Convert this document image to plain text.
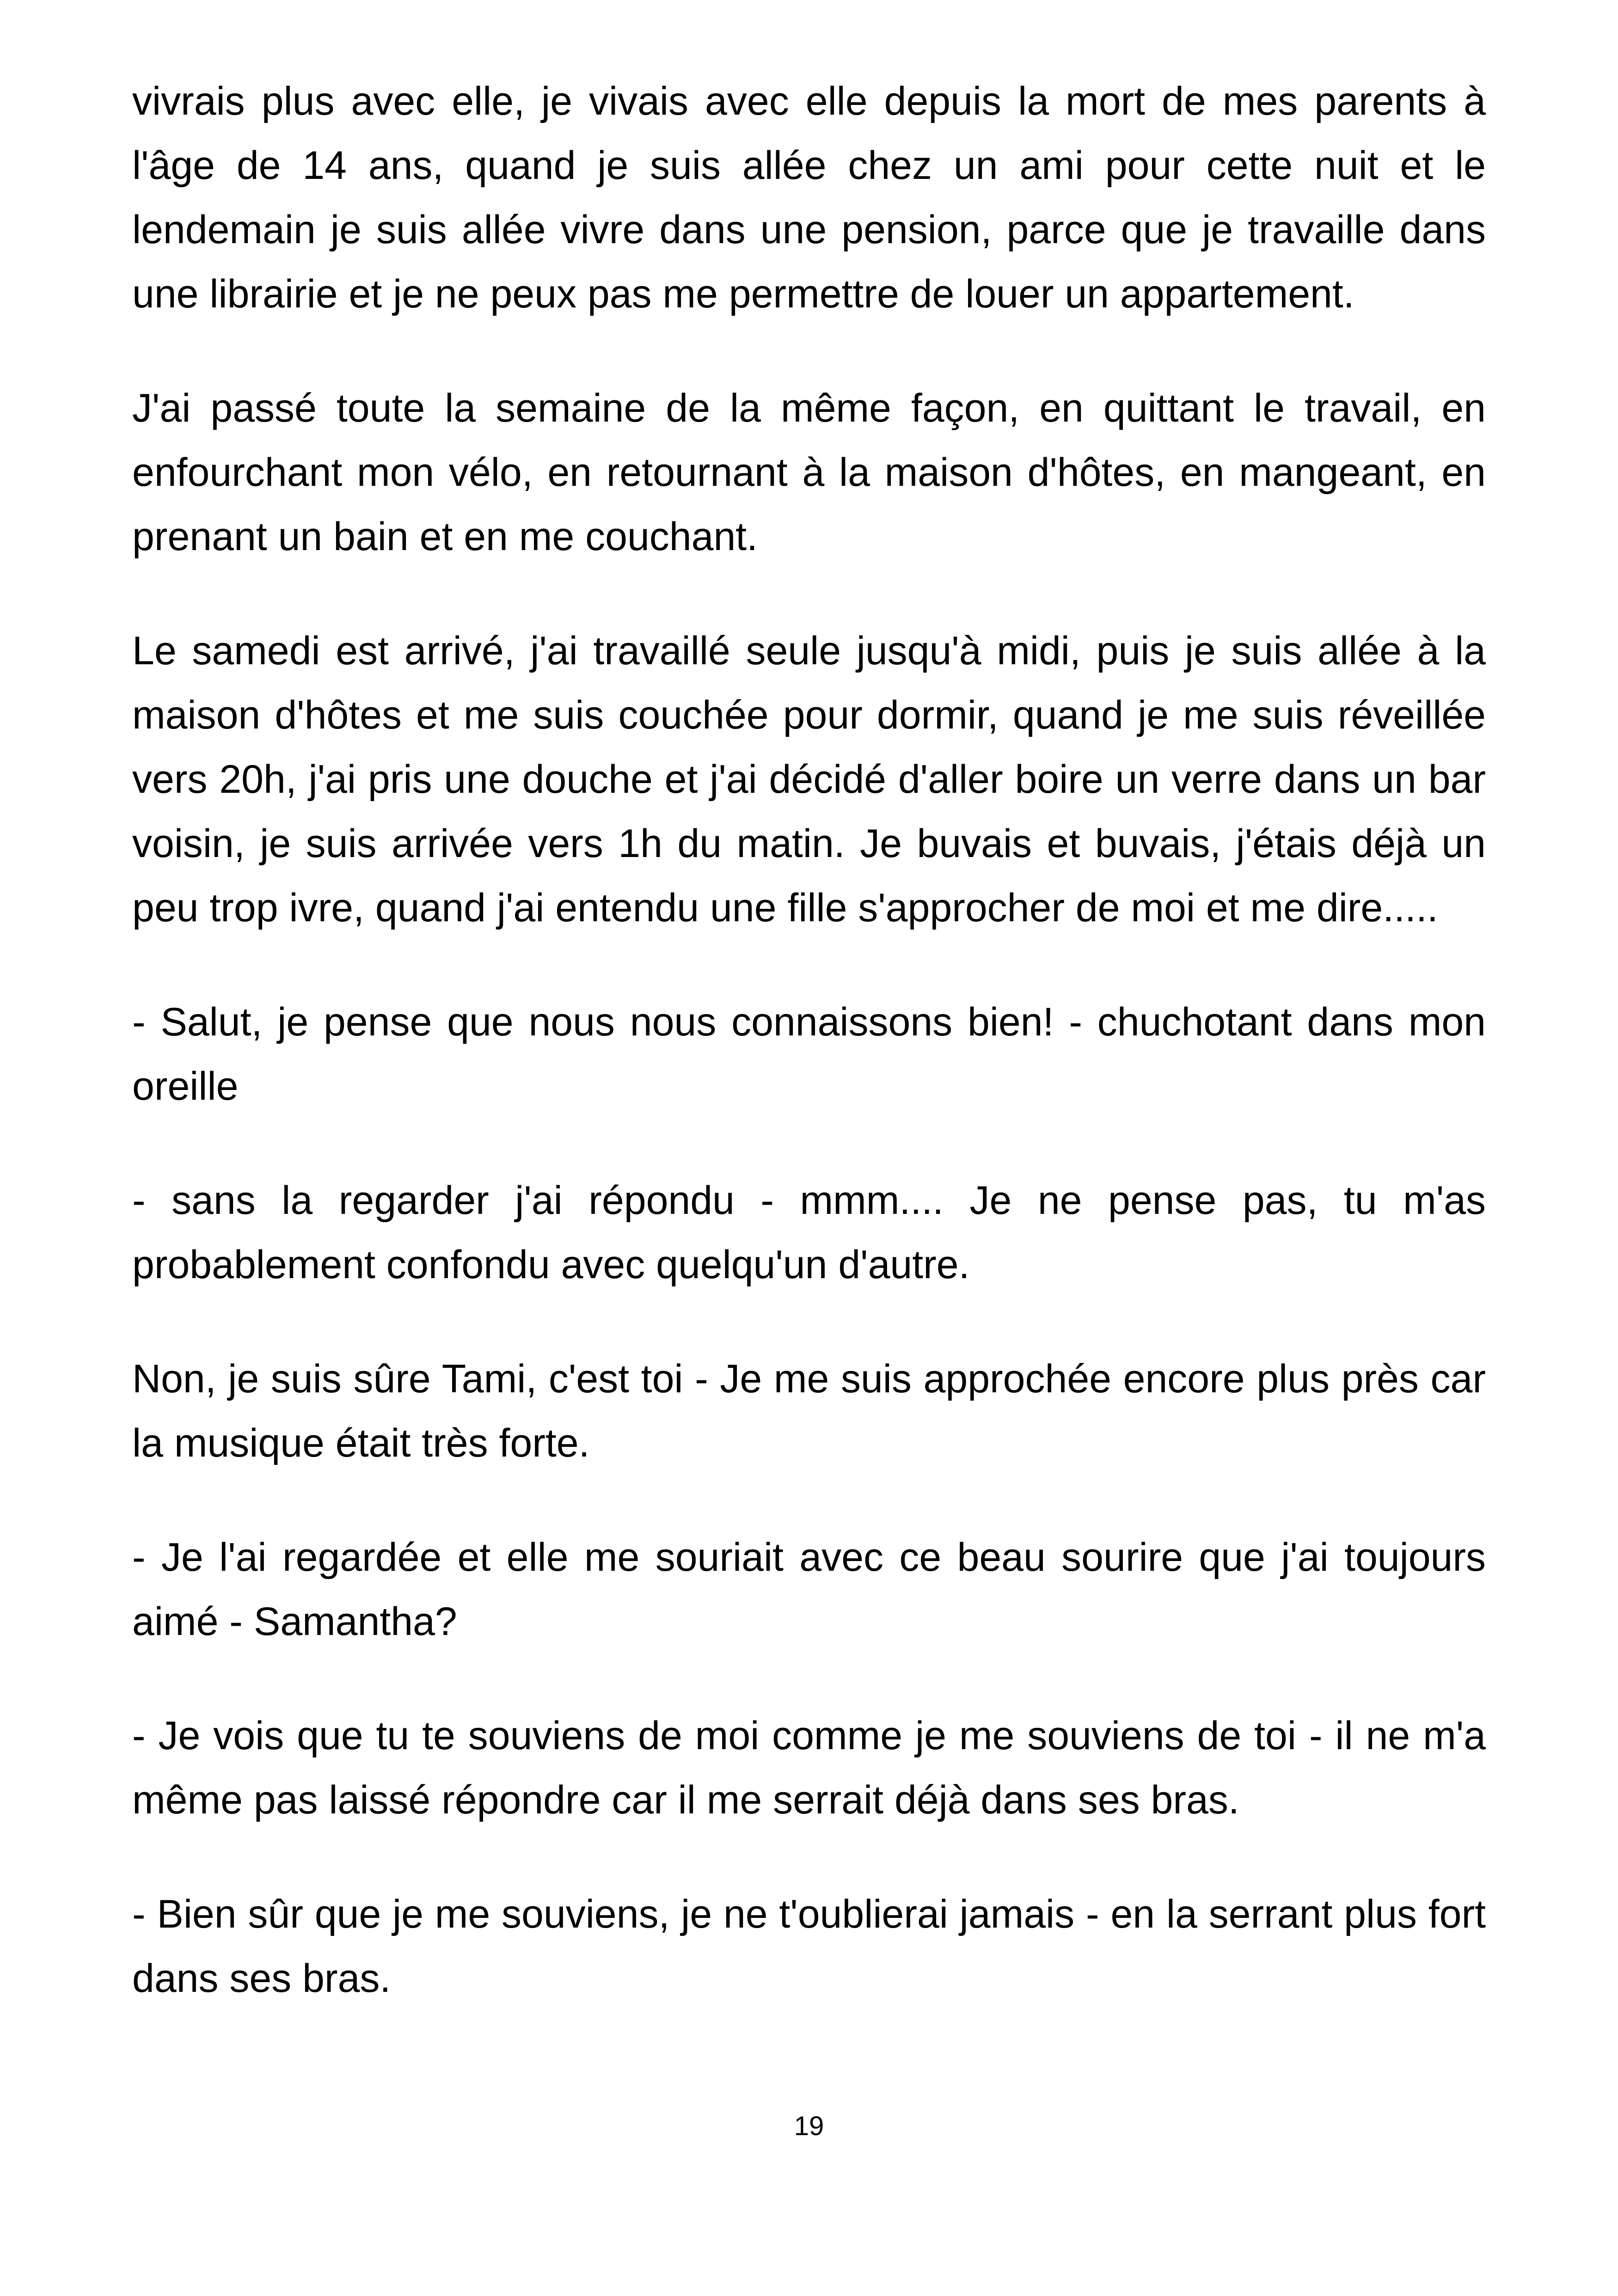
vivrais plus avec elle, je vivais avec elle depuis la mort de mes parents à l'âge de 14 ans, quand je suis allée chez un ami pour cette nuit et le lendemain je suis allée vivre dans une pension, parce que je travaille dans une librairie et je ne peux pas me permettre de louer un appartement.

J'ai passé toute la semaine de la même façon, en quittant le travail, en enfourchant mon vélo, en retournant à la maison d'hôtes, en mangeant, en prenant un bain et en me couchant.

Le samedi est arrivé, j'ai travaillé seule jusqu'à midi, puis je suis allée à la maison d'hôtes et me suis couchée pour dormir, quand je me suis réveillée vers 20h, j'ai pris une douche et j'ai décidé d'aller boire un verre dans un bar voisin, je suis arrivée vers 1h du matin. Je buvais et buvais, j'étais déjà un peu trop ivre, quand j'ai entendu une fille s'approcher de moi et me dire.....

- Salut, je pense que nous nous connaissons bien! - chuchotant dans mon oreille

- sans la regarder j'ai répondu - mmm.... Je ne pense pas, tu m'as probablement confondu avec quelqu'un d'autre.

Non, je suis sûre Tami, c'est toi - Je me suis approchée encore plus près car la musique était très forte.

- Je l'ai regardée et elle me souriait avec ce beau sourire que j'ai toujours aimé - Samantha?

- Je vois que tu te souviens de moi comme je me souviens de toi - il ne m'a même pas laissé répondre car il me serrait déjà dans ses bras.

- Bien sûr que je me souviens, je ne t'oublierai jamais - en la serrant plus fort dans ses bras.

19
